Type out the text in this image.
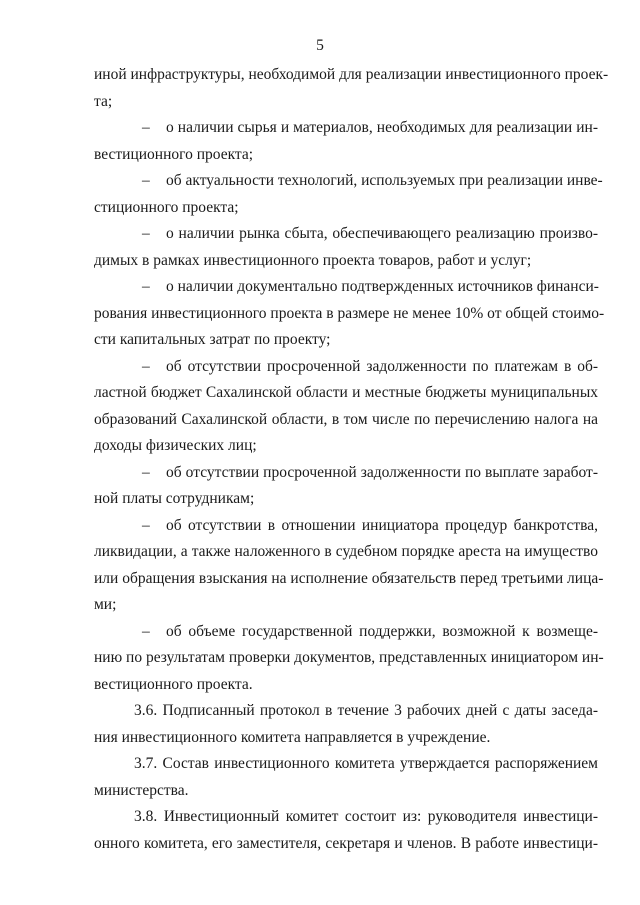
5
иной инфраструктуры, необходимой для реализации инвестиционного проек-
та;
– о наличии сырья и материалов, необходимых для реализации ин-
вестиционного проекта;
– об актуальности технологий, используемых при реализации инве-
стиционного проекта;
– о наличии рынка сбыта, обеспечивающего реализацию произво-
димых в рамках инвестиционного проекта товаров, работ и услуг;
– о наличии документально подтвержденных источников финанси-
рования инвестиционного проекта в размере не менее 10% от общей стоимо-
сти капитальных затрат по проекту;
– об отсутствии просроченной задолженности по платежам в об-
ластной бюджет Сахалинской области и местные бюджеты муниципальных
образований Сахалинской области, в том числе по перечислению налога на
доходы физических лиц;
– об отсутствии просроченной задолженности по выплате заработ-
ной платы сотрудникам;
– об отсутствии в отношении инициатора процедур банкротства,
ликвидации, а также наложенного в судебном порядке ареста на имущество
или обращения взыскания на исполнение обязательств перед третьими лица-
ми;
– об объеме государственной поддержки, возможной к возмеще-
нию по результатам проверки документов, представленных инициатором ин-
вестиционного проекта.
3.6. Подписанный протокол в течение 3 рабочих дней с даты заседа-
ния инвестиционного комитета направляется в учреждение.
3.7. Состав инвестиционного комитета утверждается распоряжением
министерства.
3.8. Инвестиционный комитет состоит из: руководителя инвестици-
онного комитета, его заместителя, секретаря и членов. В работе инвестици-
